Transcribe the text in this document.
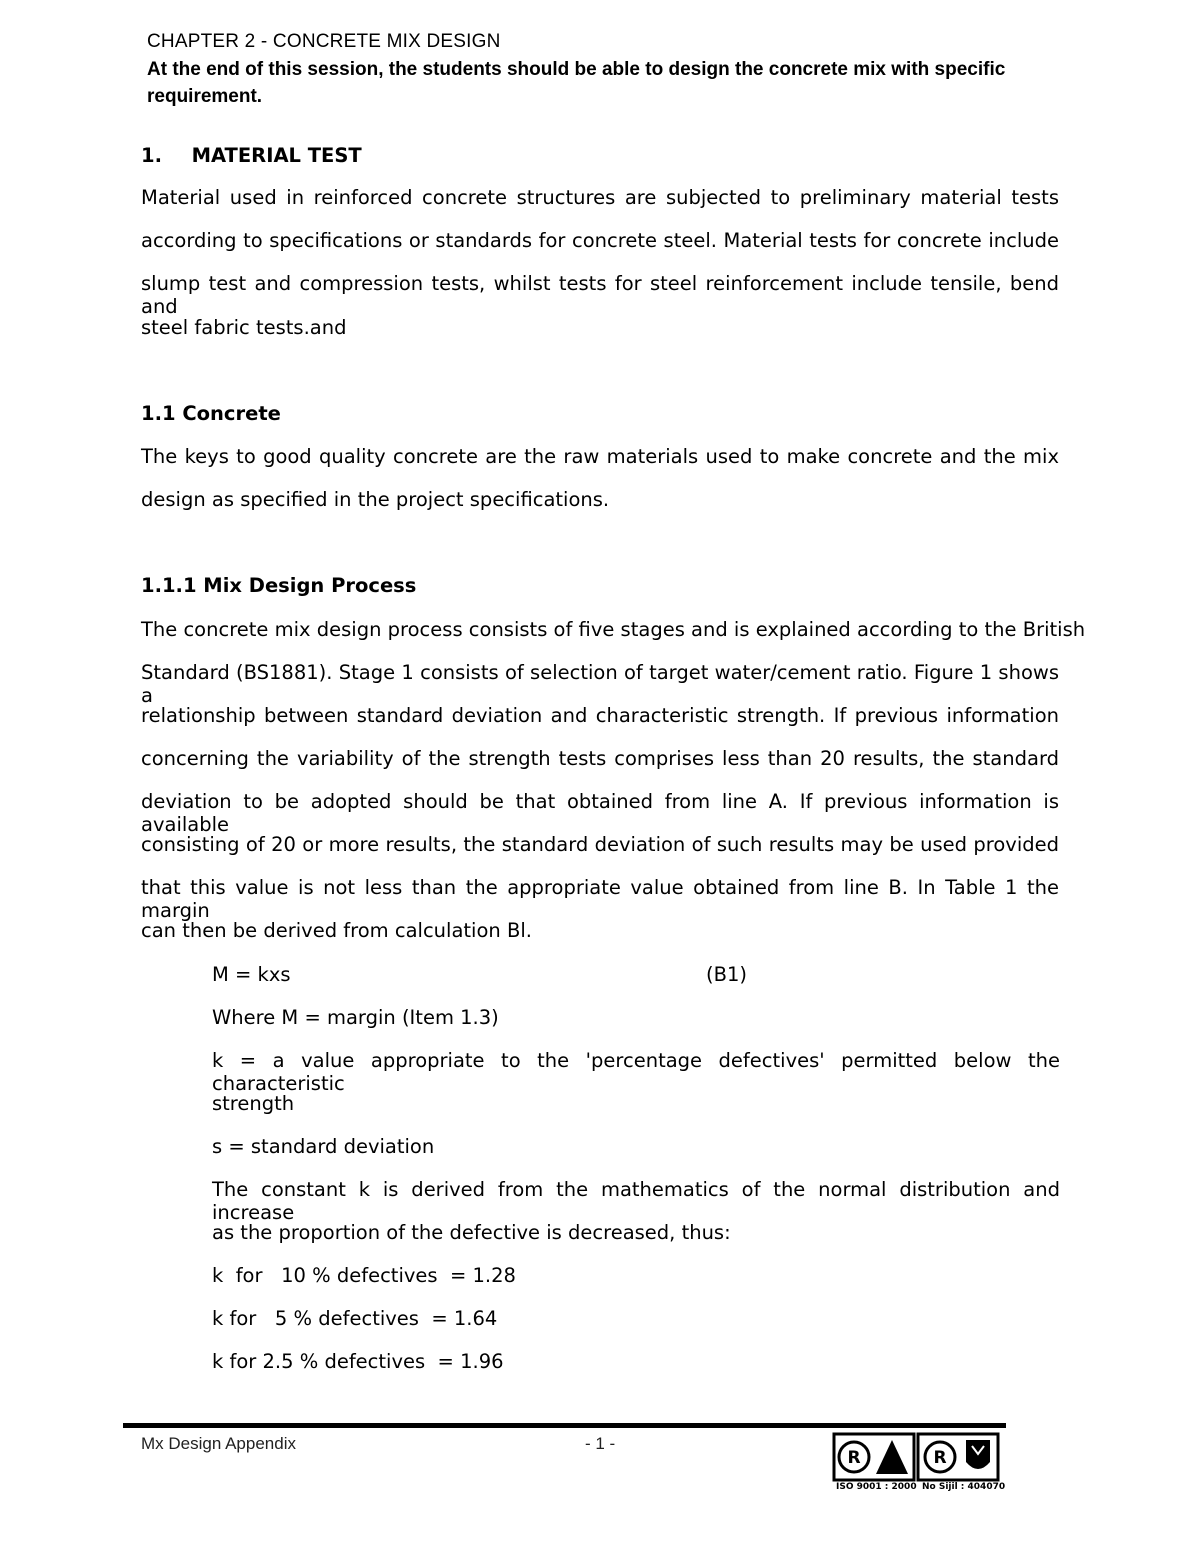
CHAPTER 2 - CONCRETE MIX DESIGN
At the end of this session, the students should be able to design the concrete mix with specific
requirement.
1. MATERIAL TEST
Material used in reinforced concrete structures are subjected to preliminary material tests
according to specifications or standards for concrete steel. Material tests for concrete include
slump test and compression tests, whilst tests for steel reinforcement include tensile, bend and
steel fabric tests.and
1.1 Concrete
The keys to good quality concrete are the raw materials used to make concrete and the mix
design as specified in the project specifications.
1.1.1 Mix Design Process
The concrete mix design process consists of five stages and is explained according to the British
Standard (BS1881). Stage 1 consists of selection of target water/cement ratio. Figure 1 shows a
relationship between standard deviation and characteristic strength. If previous information
concerning the variability of the strength tests comprises less than 20 results, the standard
deviation to be adopted should be that obtained from line A. If previous information is available
consisting of 20 or more results, the standard deviation of such results may be used provided
that this value is not less than the appropriate value obtained from line B. In Table 1 the margin
can then be derived from calculation Bl.
M = kxs	(B1)
Where M = margin (Item 1.3)
k = a value appropriate to the 'percentage defectives' permitted below the characteristic
strength
s = standard deviation
The constant k is derived from the mathematics of the normal distribution and increase
as the proportion of the defective is decreased, thus:
k  for   10 % defectives  = 1.28
k for   5 % defectives  = 1.64
k for 2.5 % defectives  = 1.96
Mx Design Appendix	- 1 -
R	R
ISO 9001 : 2000 No Sijil : 404070
